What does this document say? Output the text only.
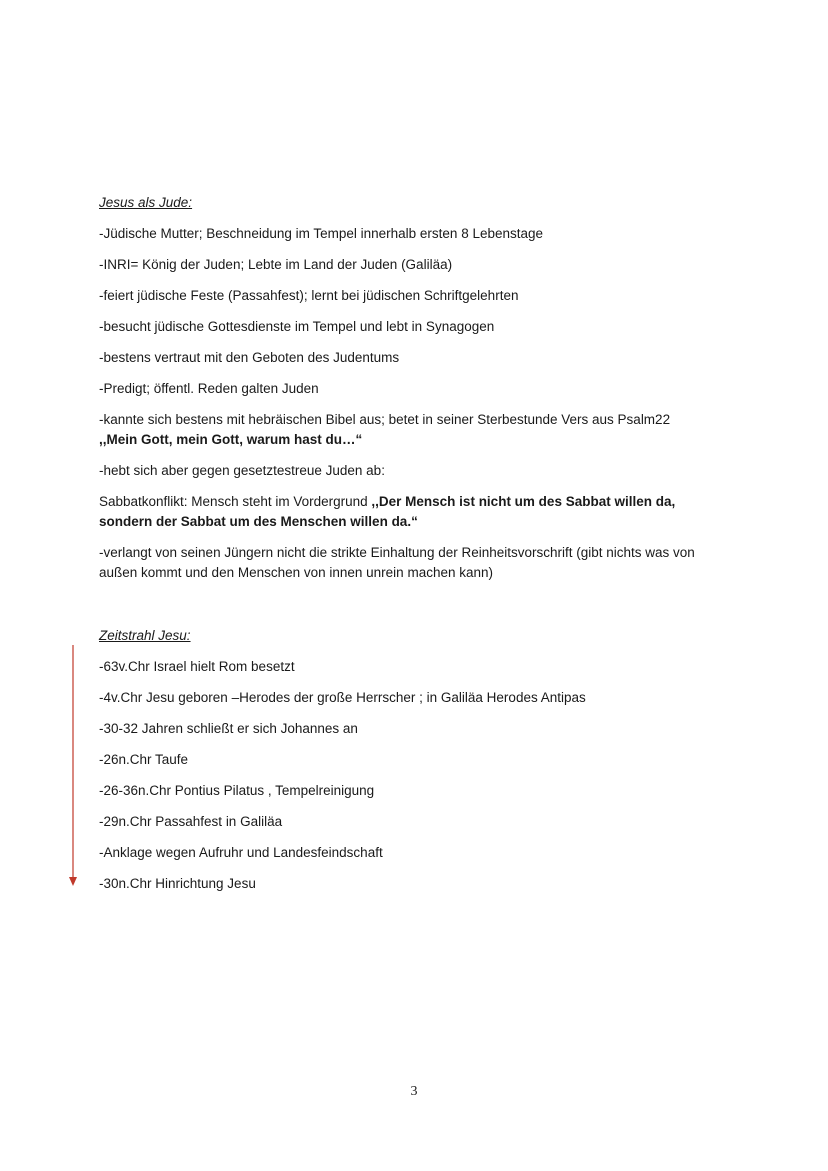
Jesus als Jude:
-Jüdische Mutter; Beschneidung im Tempel innerhalb ersten 8 Lebenstage
-INRI= König der Juden; Lebte im Land der Juden (Galiläa)
-feiert jüdische Feste (Passahfest); lernt bei jüdischen Schriftgelehrten
-besucht jüdische Gottesdienste im Tempel und lebt in Synagogen
-bestens vertraut mit den Geboten des Judentums
-Predigt; öffentl. Reden galten Juden
-kannte sich bestens mit hebräischen Bibel aus; betet in seiner Sterbestunde Vers aus Psalm22
,,Mein Gott, mein Gott, warum hast du…“
-hebt sich aber gegen gesetztestreue Juden ab:
Sabbatkonflikt: Mensch steht im Vordergrund ,,Der Mensch ist nicht um des Sabbat willen da,
sondern der Sabbat um des Menschen willen da.“
-verlangt von seinen Jüngern nicht die strikte Einhaltung der Reinheitsvorschrift (gibt nichts was von
außen kommt und den Menschen von innen unrein machen kann)
Zeitstrahl Jesu:
-63v.Chr Israel hielt Rom besetzt
-4v.Chr Jesu geboren –Herodes der große Herrscher ; in Galiläa Herodes Antipas
-30-32 Jahren schließt er sich Johannes an
-26n.Chr Taufe
-26-36n.Chr Pontius Pilatus , Tempelreinigung
-29n.Chr Passahfest in Galiläa
-Anklage wegen Aufruhr und Landesfeindschaft
-30n.Chr Hinrichtung Jesu
3
